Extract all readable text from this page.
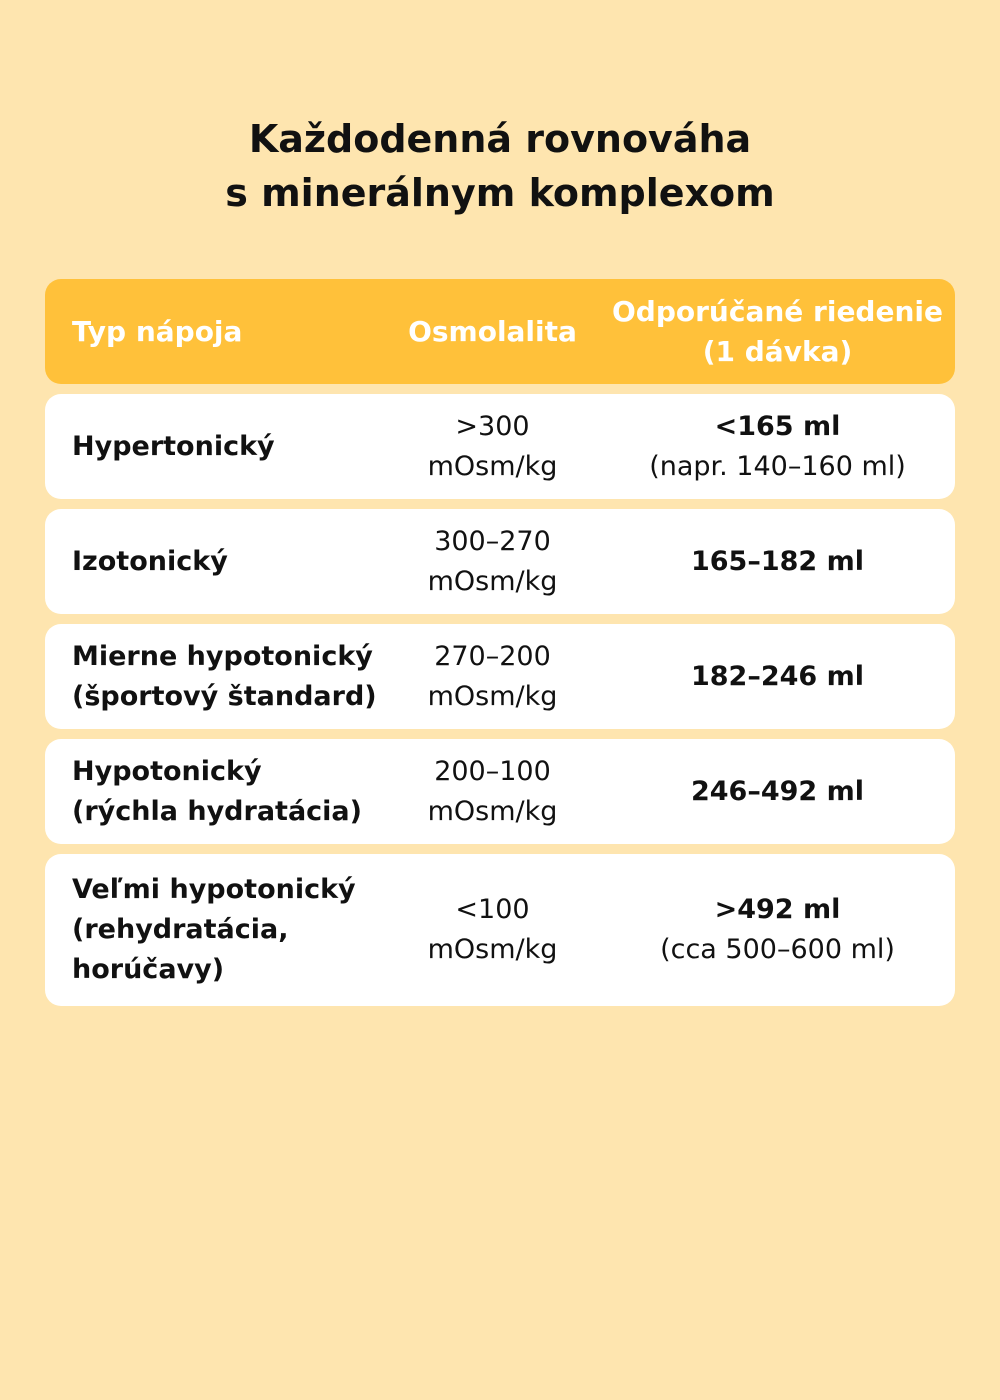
Každodenná rovnováha
s minerálnym komplexom
Typ nápoja	Osmolalita
Odporúčané riedenie
(1 dávka)
Hypertonický
>300
mOsm/kg
<165 ml
(napr. 140–160 ml)
Izotonický
300–270
mOsm/kg
165–182 ml
Mierne hypotonický
(športový štandard)
270–200
mOsm/kg
182–246 ml
Hypotonický
(rýchla hydratácia)
200–100
mOsm/kg
246–492 ml
Veľmi hypotonický
(rehydratácia,
horúčavy)
<100
mOsm/kg
>492 ml
(cca 500–600 ml)
